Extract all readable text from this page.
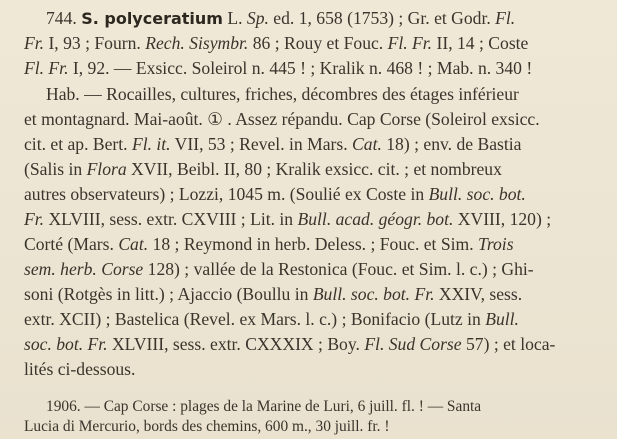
744. S. polyceratium L. Sp. ed. 1, 658 (1753) ; Gr. et Godr. Fl.
Fr. I, 93 ; Fourn. Rech. Sisymbr. 86 ; Rouy et Fouc. Fl. Fr. II, 14 ; Coste
Fl. Fr. I, 92. — Exsicc. Soleirol n. 445 ! ; Kralik n. 468 ! ; Mab. n. 340 !
Hab. — Rocailles, cultures, friches, décombres des étages inférieur
et montagnard. Mai-août. ① . Assez répandu. Cap Corse (Soleirol exsicc.
cit. et ap. Bert. Fl. it. VII, 53 ; Revel. in Mars. Cat. 18) ; env. de Bastia
(Salis in Flora XVII, Beibl. II, 80 ; Kralik exsicc. cit. ; et nombreux
autres observateurs) ; Lozzi, 1045 m. (Soulié ex Coste in Bull. soc. bot.
Fr. XLVIII, sess. extr. CXVIII ; Lit. in Bull. acad. géogr. bot. XVIII, 120) ;
Corté (Mars. Cat. 18 ; Reymond in herb. Deless. ; Fouc. et Sim. Trois
sem. herb. Corse 128) ; vallée de la Restonica (Fouc. et Sim. l. c.) ; Ghi-
soni (Rotgès in litt.) ; Ajaccio (Boullu in Bull. soc. bot. Fr. XXIV, sess.
extr. XCII) ; Bastelica (Revel. ex Mars. l. c.) ; Bonifacio (Lutz in Bull.
soc. bot. Fr. XLVIII, sess. extr. CXXXIX ; Boy. Fl. Sud Corse 57) ; et loca-
lités ci-dessous.
1906. — Cap Corse : plages de la Marine de Luri, 6 juill. fl. ! — Santa
Lucia di Mercurio, bords des chemins, 600 m., 30 juill. fr. !
